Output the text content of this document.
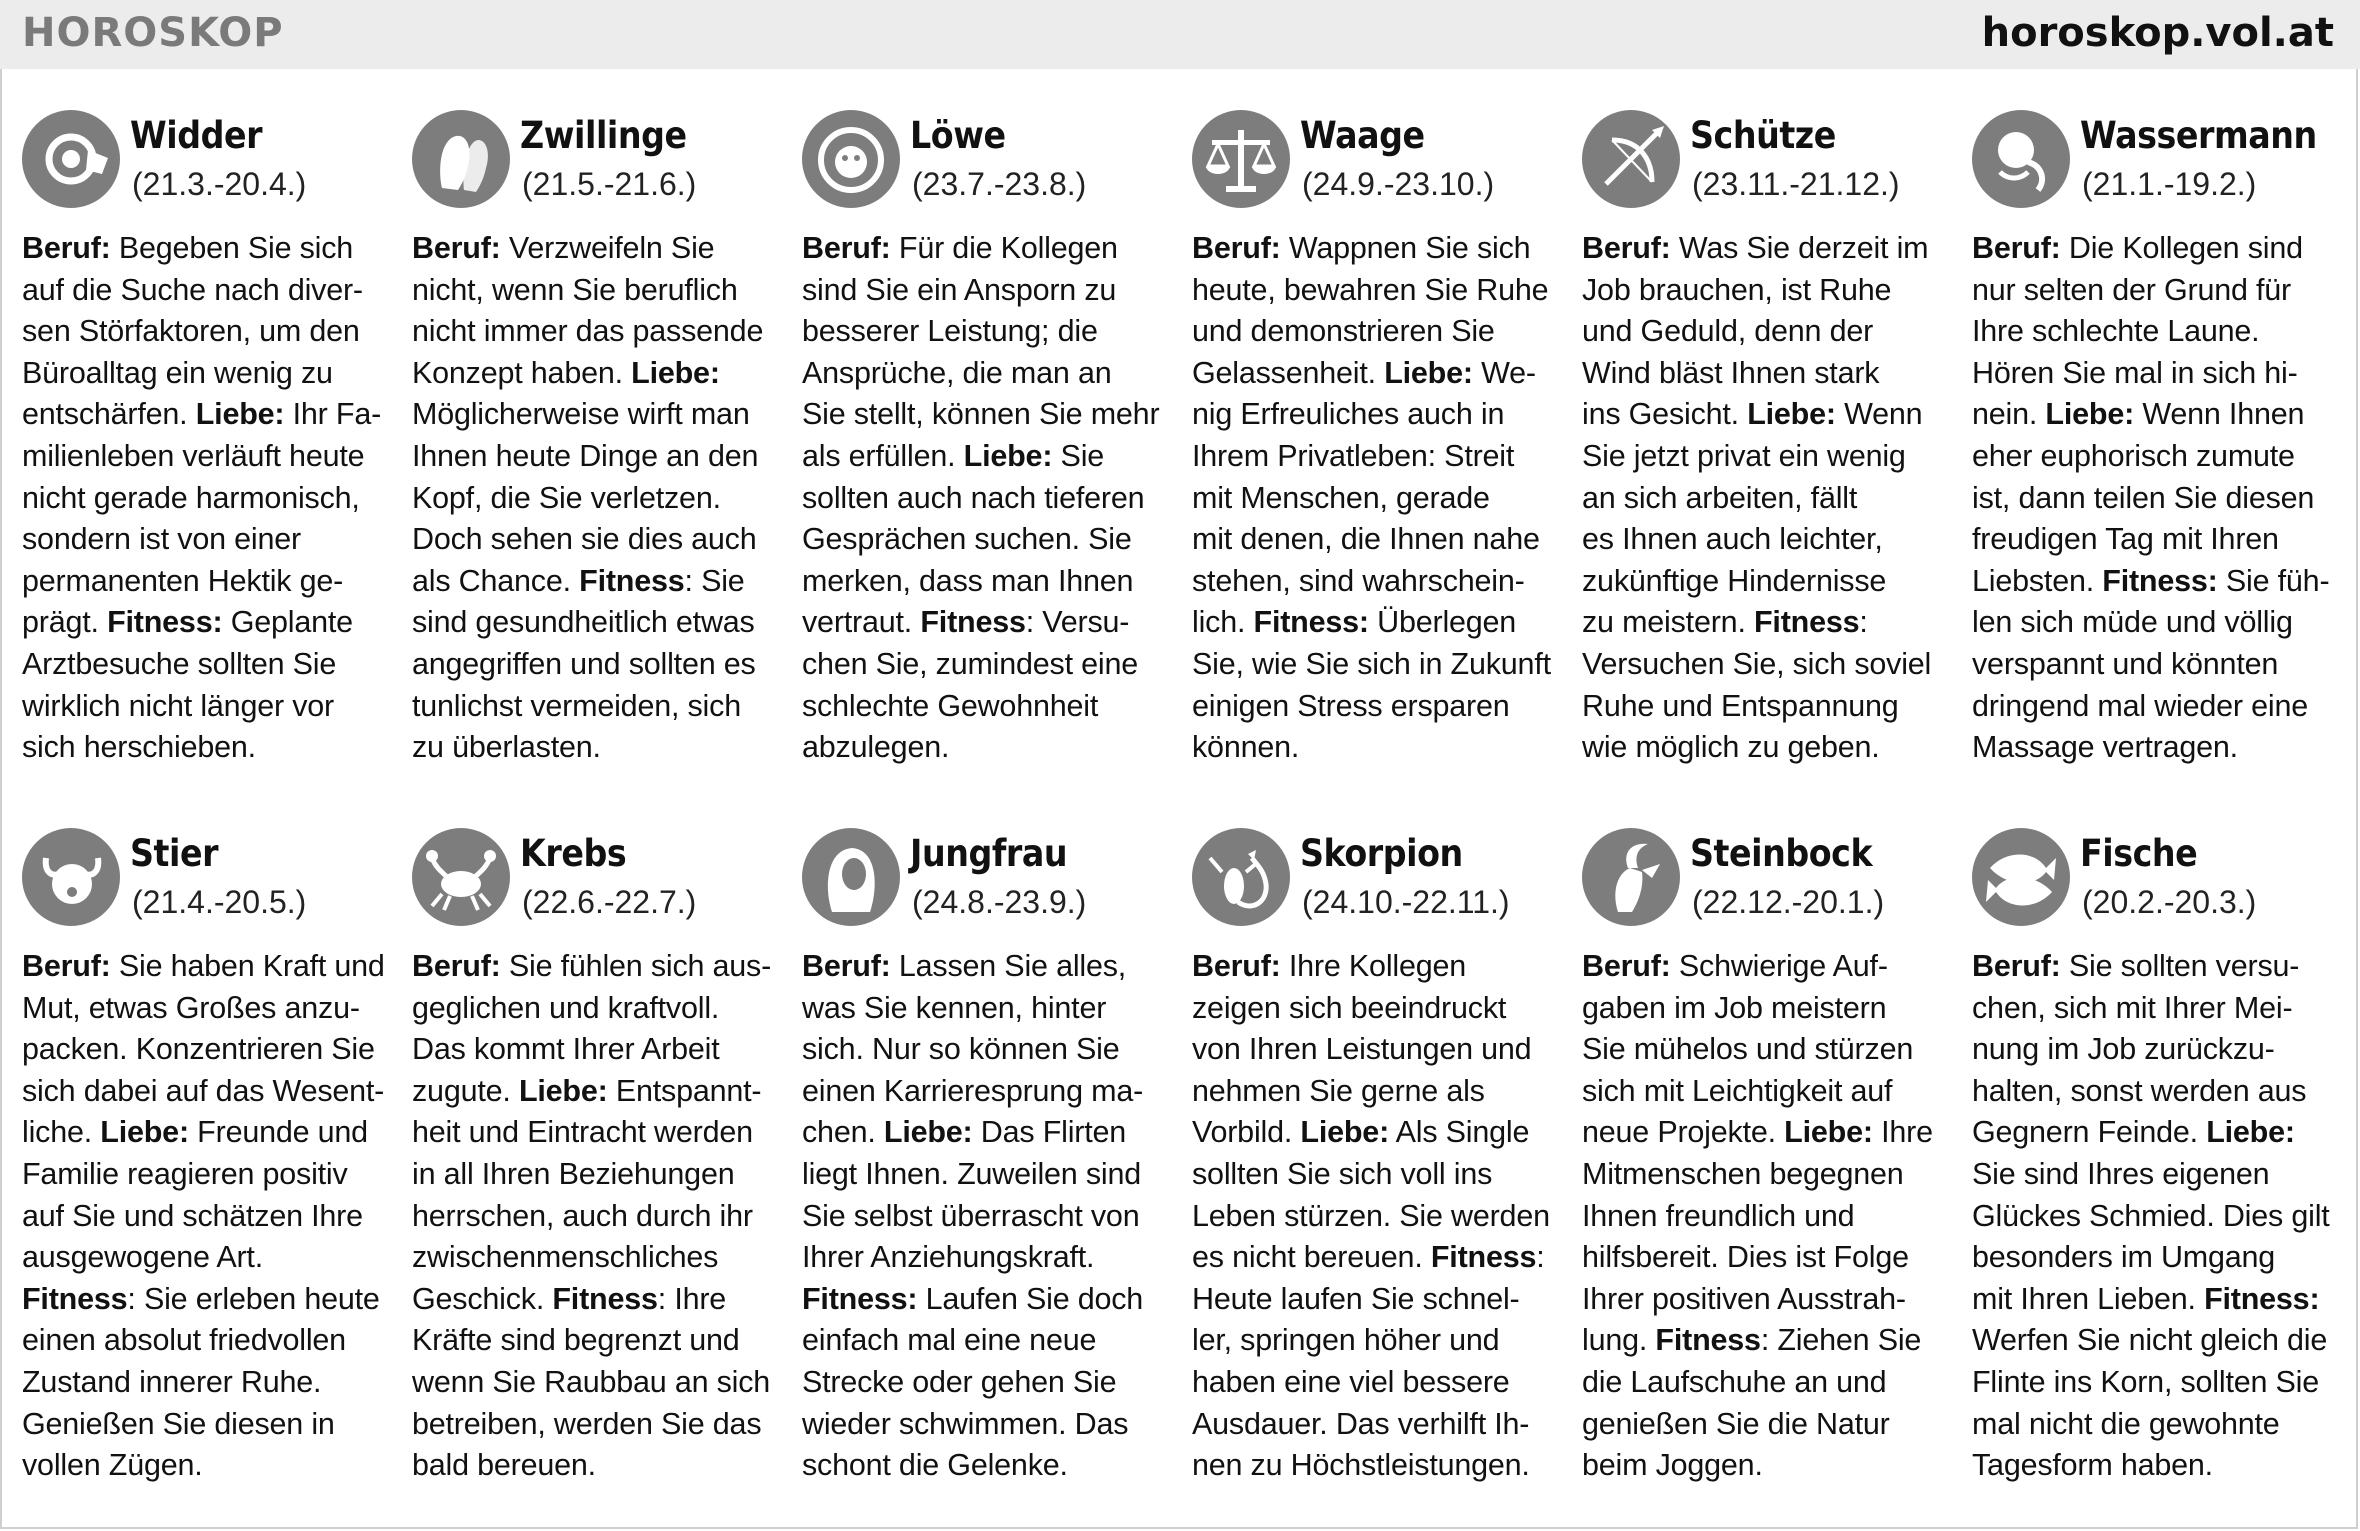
HOROSKOP	horoskop.vol.at
Widder
(21.3.-20.4.)
Beruf: Begeben Sie sich
auf die Suche nach diver-
sen Störfaktoren, um den
Büroalltag ein wenig zu
entschärfen. Liebe: Ihr Fa-
milienleben verläuft heute
nicht gerade harmonisch,
sondern ist von einer
permanenten Hektik ge-
prägt. Fitness: Geplante
Arztbesuche sollten Sie
wirklich nicht länger vor
sich herschieben.
Zwillinge
(21.5.-21.6.)
Beruf: Verzweifeln Sie
nicht, wenn Sie beruflich
nicht immer das passende
Konzept haben. Liebe:
Möglicherweise wirft man
Ihnen heute Dinge an den
Kopf, die Sie verletzen.
Doch sehen sie dies auch
als Chance. Fitness: Sie
sind gesundheitlich etwas
angegriffen und sollten es
tunlichst vermeiden, sich
zu überlasten.
Löwe
(23.7.-23.8.)
Beruf: Für die Kollegen
sind Sie ein Ansporn zu
besserer Leistung; die
Ansprüche, die man an
Sie stellt, können Sie mehr
als erfüllen. Liebe: Sie
sollten auch nach tieferen
Gesprächen suchen. Sie
merken, dass man Ihnen
vertraut. Fitness: Versu-
chen Sie, zumindest eine
schlechte Gewohnheit
abzulegen.
Waage
(24.9.-23.10.)
Beruf: Wappnen Sie sich
heute, bewahren Sie Ruhe
und demonstrieren Sie
Gelassenheit. Liebe: We-
nig Erfreuliches auch in
Ihrem Privatleben: Streit
mit Menschen, gerade
mit denen, die Ihnen nahe
stehen, sind wahrschein-
lich. Fitness: Überlegen
Sie, wie Sie sich in Zukunft
einigen Stress ersparen
können.
Schütze
(23.11.-21.12.)
Beruf: Was Sie derzeit im
Job brauchen, ist Ruhe
und Geduld, denn der
Wind bläst Ihnen stark
ins Gesicht. Liebe: Wenn
Sie jetzt privat ein wenig
an sich arbeiten, fällt
es Ihnen auch leichter,
zukünftige Hindernisse
zu meistern. Fitness:
Versuchen Sie, sich soviel
Ruhe und Entspannung
wie möglich zu geben.
Wassermann
(21.1.-19.2.)
Beruf: Die Kollegen sind
nur selten der Grund für
Ihre schlechte Laune.
Hören Sie mal in sich hi-
nein. Liebe: Wenn Ihnen
eher euphorisch zumute
ist, dann teilen Sie diesen
freudigen Tag mit Ihren
Liebsten. Fitness: Sie füh-
len sich müde und völlig
verspannt und könnten
dringend mal wieder eine
Massage vertragen.
Stier
(21.4.-20.5.)
Beruf: Sie haben Kraft und
Mut, etwas Großes anzu-
packen. Konzentrieren Sie
sich dabei auf das Wesent-
liche. Liebe: Freunde und
Familie reagieren positiv
auf Sie und schätzen Ihre
ausgewogene Art.
Fitness: Sie erleben heute
einen absolut friedvollen
Zustand innerer Ruhe.
Genießen Sie diesen in
vollen Zügen.
Krebs
(22.6.-22.7.)
Beruf: Sie fühlen sich aus-
geglichen und kraftvoll.
Das kommt Ihrer Arbeit
zugute. Liebe: Entspannt-
heit und Eintracht werden
in all Ihren Beziehungen
herrschen, auch durch ihr
zwischenmenschliches
Geschick. Fitness: Ihre
Kräfte sind begrenzt und
wenn Sie Raubbau an sich
betreiben, werden Sie das
bald bereuen.
Jungfrau
(24.8.-23.9.)
Beruf: Lassen Sie alles,
was Sie kennen, hinter
sich. Nur so können Sie
einen Karrieresprung ma-
chen. Liebe: Das Flirten
liegt Ihnen. Zuweilen sind
Sie selbst überrascht von
Ihrer Anziehungskraft.
Fitness: Laufen Sie doch
einfach mal eine neue
Strecke oder gehen Sie
wieder schwimmen. Das
schont die Gelenke.
Skorpion
(24.10.-22.11.)
Beruf: Ihre Kollegen
zeigen sich beeindruckt
von Ihren Leistungen und
nehmen Sie gerne als
Vorbild. Liebe: Als Single
sollten Sie sich voll ins
Leben stürzen. Sie werden
es nicht bereuen. Fitness:
Heute laufen Sie schnel-
ler, springen höher und
haben eine viel bessere
Ausdauer. Das verhilft Ih-
nen zu Höchstleistungen.
Steinbock
(22.12.-20.1.)
Beruf: Schwierige Auf-
gaben im Job meistern
Sie mühelos und stürzen
sich mit Leichtigkeit auf
neue Projekte. Liebe: Ihre
Mitmenschen begegnen
Ihnen freundlich und
hilfsbereit. Dies ist Folge
Ihrer positiven Ausstrah-
lung. Fitness: Ziehen Sie
die Laufschuhe an und
genießen Sie die Natur
beim Joggen.
Fische
(20.2.-20.3.)
Beruf: Sie sollten versu-
chen, sich mit Ihrer Mei-
nung im Job zurückzu-
halten, sonst werden aus
Gegnern Feinde. Liebe:
Sie sind Ihres eigenen
Glückes Schmied. Dies gilt
besonders im Umgang
mit Ihren Lieben. Fitness:
Werfen Sie nicht gleich die
Flinte ins Korn, sollten Sie
mal nicht die gewohnte
Tagesform haben.
